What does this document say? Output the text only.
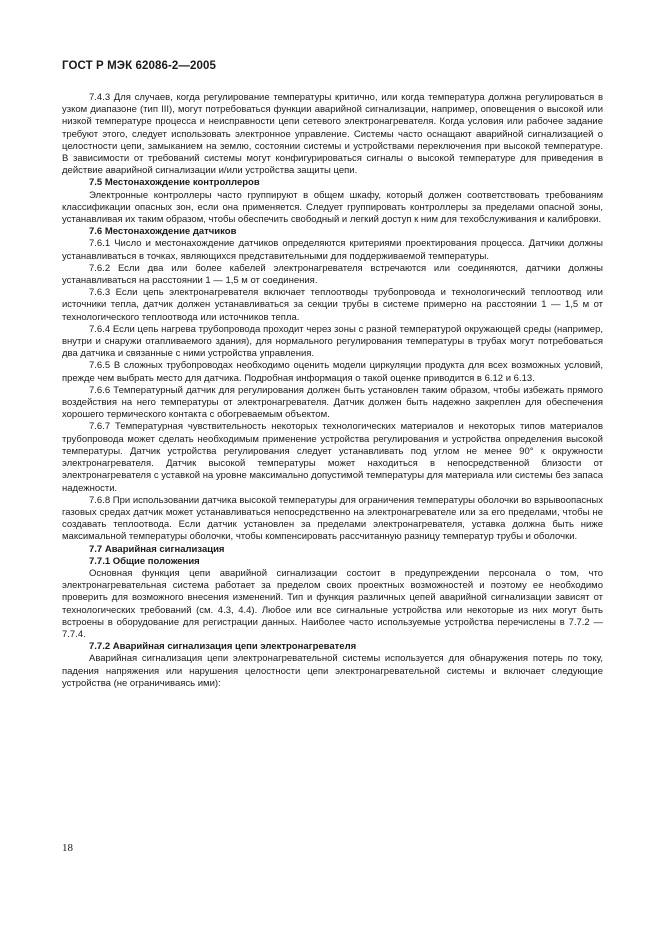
ГОСТ Р МЭК 62086-2—2005

7.4.3 Для случаев, когда регулирование температуры критично, или когда температура должна регулироваться в узком диапазоне (тип III), могут потребоваться функции аварийной сигнализации, например, оповещения о высокой или низкой температуре процесса и неисправности цепи сетевого электронагревателя. Когда условия или рабочее задание требуют этого, следует использовать электронное управление. Системы часто оснащают аварийной сигнализацией о целостности цепи, замыканием на землю, состоянии системы и устройствами переключения при высокой температуре. В зависимости от требований системы могут конфигурироваться сигналы о высокой температуре для приведения в действие аварийной сигнализации и/или устройства защиты цепи.

7.5 Местонахождение контроллеров

Электронные контроллеры часто группируют в общем шкафу, который должен соответствовать требованиям классификации опасных зон, если она применяется. Следует группировать контроллеры за пределами опасной зоны, устанавливая их таким образом, чтобы обеспечить свободный и легкий доступ к ним для техобслуживания и калибровки.

7.6 Местонахождение датчиков

7.6.1 Число и местонахождение датчиков определяются критериями проектирования процесса. Датчики должны устанавливаться в точках, являющихся представительными для поддерживаемой температуры.

7.6.2 Если два или более кабелей электронагревателя встречаются или соединяются, датчики должны устанавливаться на расстоянии 1 — 1,5 м от соединения.

7.6.3 Если цепь электронагревателя включает теплоотводы трубопровода и технологический теплоотвод или источники тепла, датчик должен устанавливаться за секции трубы в системе примерно на расстоянии 1 — 1,5 м от технологического теплоотвода или источников тепла.

7.6.4 Если цепь нагрева трубопровода проходит через зоны с разной температурой окружающей среды (например, внутри и снаружи отапливаемого здания), для нормального регулирования температуры в трубах могут потребоваться два датчика и связанные с ними устройства управления.

7.6.5 В сложных трубопроводах необходимо оценить модели циркуляции продукта для всех возможных условий, прежде чем выбрать место для датчика. Подробная информация о такой оценке приводится в 6.12 и 6.13.

7.6.6 Температурный датчик для регулирования должен быть установлен таким образом, чтобы избежать прямого воздействия на него температуры от электронагревателя. Датчик должен быть надежно закреплен для обеспечения хорошего термического контакта с обогреваемым объектом.

7.6.7 Температурная чувствительность некоторых технологических материалов и некоторых типов материалов трубопровода может сделать необходимым применение устройства регулирования и устройства определения высокой температуры. Датчик устройства регулирования следует устанавливать под углом не менее 90° к окружности электронагревателя. Датчик высокой температуры может находиться в непосредственной близости от электронагревателя с уставкой на уровне максимально допустимой температуры для материала или системы без запаса надежности.

7.6.8 При использовании датчика высокой температуры для ограничения температуры оболочки во взрывоопасных газовых средах датчик может устанавливаться непосредственно на электронагревателе или за его пределами, чтобы не создавать теплоотвода. Если датчик установлен за пределами электронагревателя, уставка должна быть ниже максимальной температуры оболочки, чтобы компенсировать рассчитанную разницу температур трубы и оболочки.

7.7 Аварийная сигнализация

7.7.1 Общие положения

Основная функция цепи аварийной сигнализации состоит в предупреждении персонала о том, что электронагревательная система работает за пределом своих проектных возможностей и поэтому ее необходимо проверить для возможного внесения изменений. Тип и функция различных цепей аварийной сигнализации зависят от технологических требований (см. 4.3, 4.4). Любое или все сигнальные устройства или некоторые из них могут быть встроены в оборудование для регистрации данных. Наиболее часто используемые устройства перечислены в 7.7.2 — 7.7.4.

7.7.2 Аварийная сигнализация цепи электронагревателя

Аварийная сигнализация цепи электронагревательной системы используется для обнаружения потерь по току, падения напряжения или нарушения целостности цепи электронагревательной системы и включает следующие устройства (не ограничиваясь ими):

18
